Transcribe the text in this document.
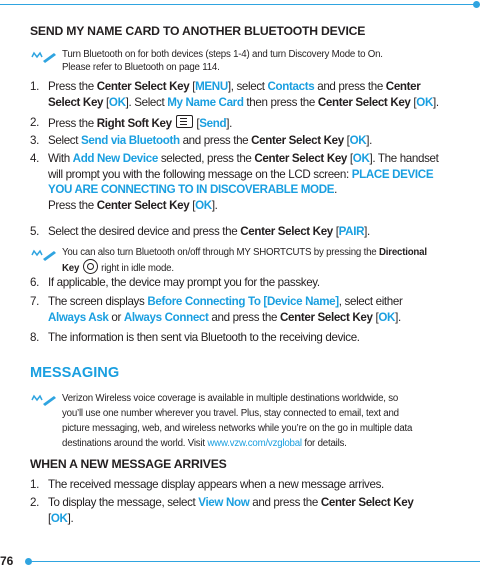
SEND MY NAME CARD TO ANOTHER BLUETOOTH DEVICE
Turn Bluetooth on for both devices (steps 1-4) and turn Discovery Mode to On.
Please refer to Bluetooth on page 114.
1. Press the Center Select Key [MENU], select Contacts and press the Center Select Key [OK]. Select My Name Card then press the Center Select Key [OK].
2. Press the Right Soft Key  [Send].
3. Select Send via Bluetooth and press the Center Select Key [OK].
4. With Add New Device selected, press the Center Select Key [OK]. The handset will prompt you with the following message on the LCD screen: PLACE DEVICE YOU ARE CONNECTING TO IN DISCOVERABLE MODE.
Press the Center Select Key [OK].
5. Select the desired device and press the Center Select Key [PAIR].
You can also turn Bluetooth on/off through MY SHORTCUTS by pressing the Directional
Key  right in idle mode.
6. If applicable, the device may prompt you for the passkey.
7. The screen displays Before Connecting To [Device Name], select either
Always Ask or Always Connect and press the Center Select Key [OK].
8. The information is then sent via Bluetooth to the receiving device.
MESSAGING
Verizon Wireless voice coverage is available in multiple destinations worldwide, so
you’ll use one number wherever you travel. Plus, stay connected to email, text and
picture messaging, web, and wireless networks while you’re on the go in multiple data
destinations around the world. Visit www.vzw.com/vzglobal for details.
WHEN A NEW MESSAGE ARRIVES
1. The received message display appears when a new message arrives.
2. To display the message, select View Now and press the Center Select Key
[OK].
76
